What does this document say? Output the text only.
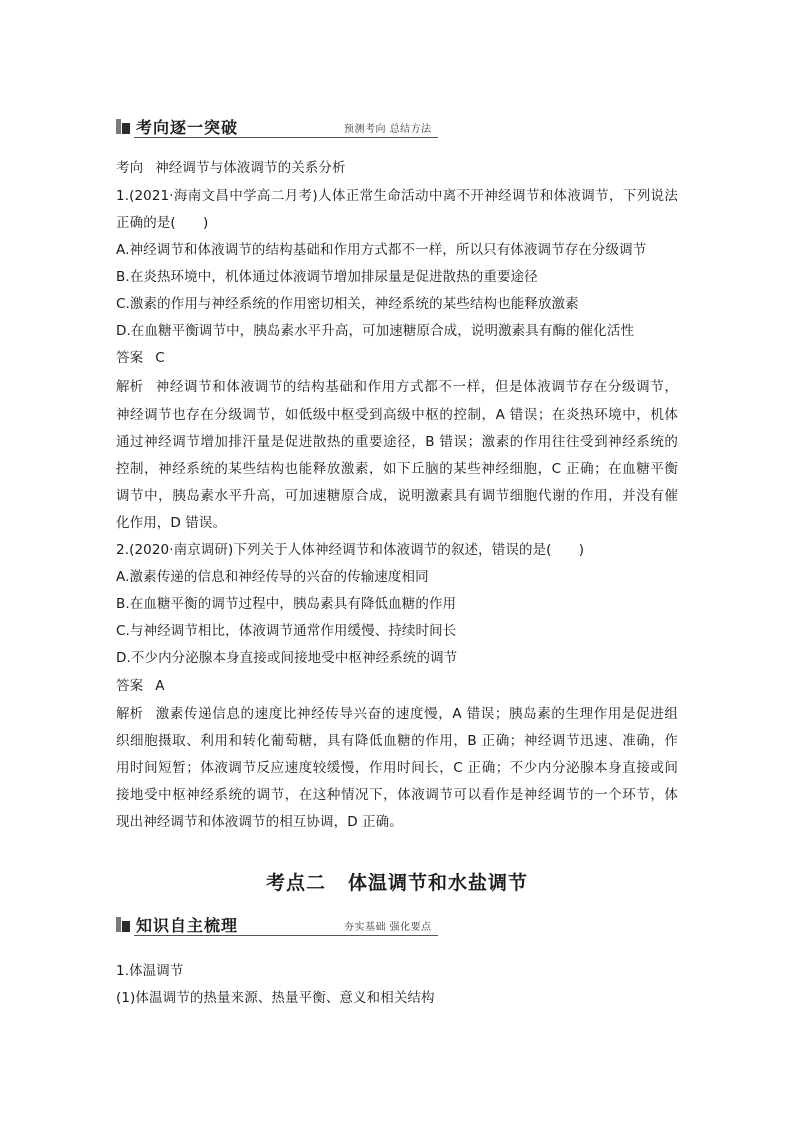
考向逐一突破	预测考向 总结方法
考向 神经调节与体液调节的关系分析
1.(2021·海南文昌中学高二月考)人体正常生命活动中离不开神经调节和体液调节，下列说法
正确的是(　　)
A.神经调节和体液调节的结构基础和作用方式都不一样，所以只有体液调节存在分级调节
B.在炎热环境中，机体通过体液调节增加排尿量是促进散热的重要途径
C.激素的作用与神经系统的作用密切相关，神经系统的某些结构也能释放激素
D.在血糖平衡调节中，胰岛素水平升高，可加速糖原合成，说明激素具有酶的催化活性
答案 C
解析 神经调节和体液调节的结构基础和作用方式都不一样，但是体液调节存在分级调节，
神经调节也存在分级调节，如低级中枢受到高级中枢的控制，A 错误；在炎热环境中，机体
通过神经调节增加排汗量是促进散热的重要途径，B 错误；激素的作用往往受到神经系统的
控制，神经系统的某些结构也能释放激素，如下丘脑的某些神经细胞，C 正确；在血糖平衡
调节中，胰岛素水平升高，可加速糖原合成，说明激素具有调节细胞代谢的作用，并没有催
化作用，D 错误。
2.(2020·南京调研)下列关于人体神经调节和体液调节的叙述，错误的是(　　)
A.激素传递的信息和神经传导的兴奋的传输速度相同
B.在血糖平衡的调节过程中，胰岛素具有降低血糖的作用
C.与神经调节相比，体液调节通常作用缓慢、持续时间长
D.不少内分泌腺本身直接或间接地受中枢神经系统的调节
答案 A
解析 激素传递信息的速度比神经传导兴奋的速度慢，A 错误；胰岛素的生理作用是促进组
织细胞摄取、利用和转化葡萄糖，具有降低血糖的作用，B 正确；神经调节迅速、准确，作
用时间短暂；体液调节反应速度较缓慢，作用时间长，C 正确；不少内分泌腺本身直接或间
接地受中枢神经系统的调节，在这种情况下，体液调节可以看作是神经调节的一个环节，体
现出神经调节和体液调节的相互协调，D 正确。
考点二 体温调节和水盐调节
知识自主梳理	夯实基础 强化要点
1.体温调节
(1)体温调节的热量来源、热量平衡、意义和相关结构
